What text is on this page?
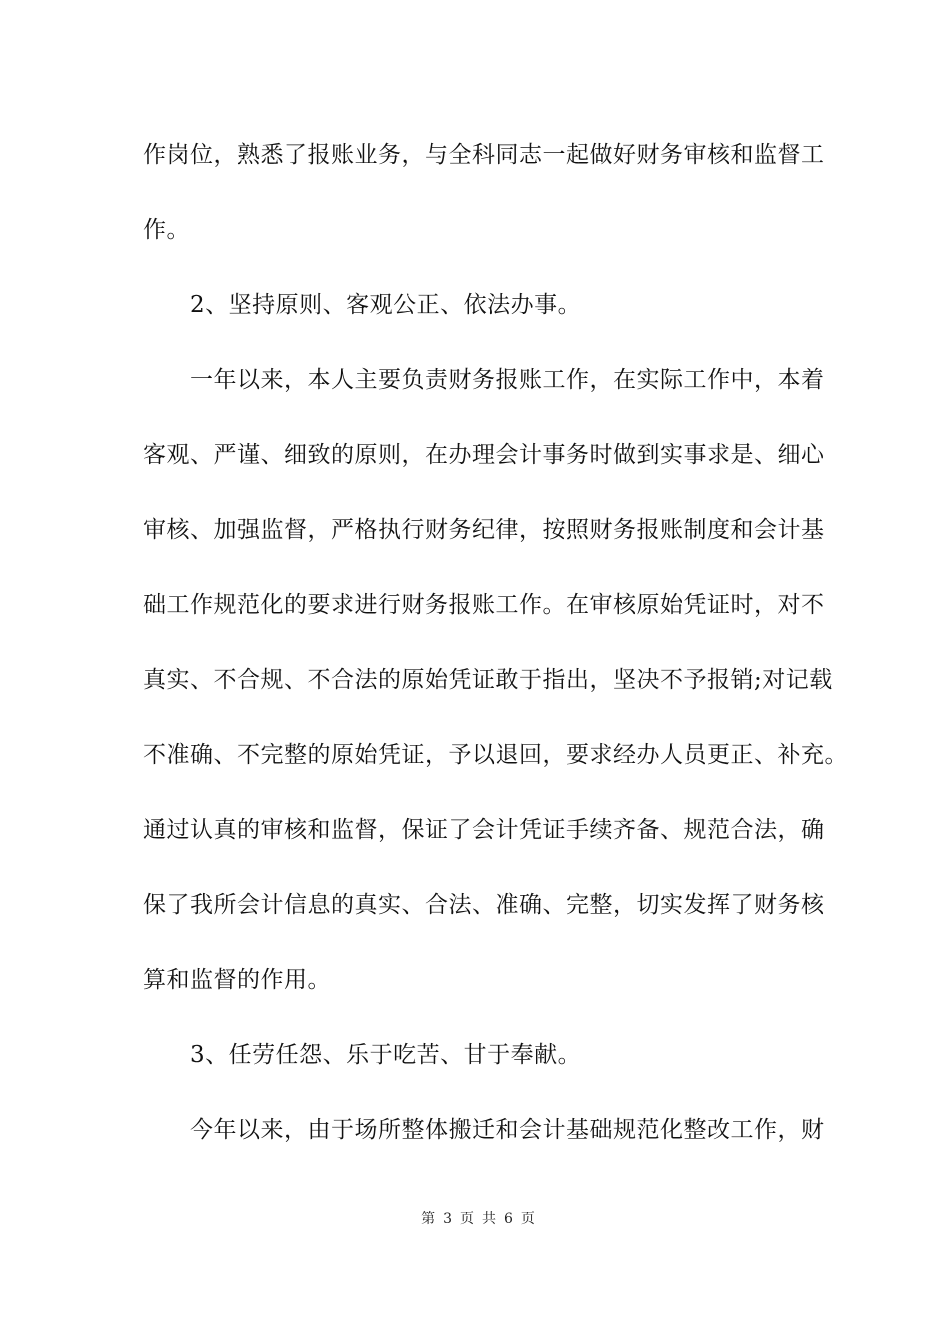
作岗位，熟悉了报账业务，与全科同志一起做好财务审核和监督工
作。
2、坚持原则、客观公正、依法办事。
一年以来，本人主要负责财务报账工作，在实际工作中，本着
客观、严谨、细致的原则，在办理会计事务时做到实事求是、细心
审核、加强监督，严格执行财务纪律，按照财务报账制度和会计基
础工作规范化的要求进行财务报账工作。在审核原始凭证时，对不
真实、不合规、不合法的原始凭证敢于指出，坚决不予报销;对记载
不准确、不完整的原始凭证，予以退回，要求经办人员更正、补充。
通过认真的审核和监督，保证了会计凭证手续齐备、规范合法，确
保了我所会计信息的真实、合法、准确、完整，切实发挥了财务核
算和监督的作用。
3、任劳任怨、乐于吃苦、甘于奉献。
今年以来，由于场所整体搬迁和会计基础规范化整改工作，财
第 3 页 共 6 页
